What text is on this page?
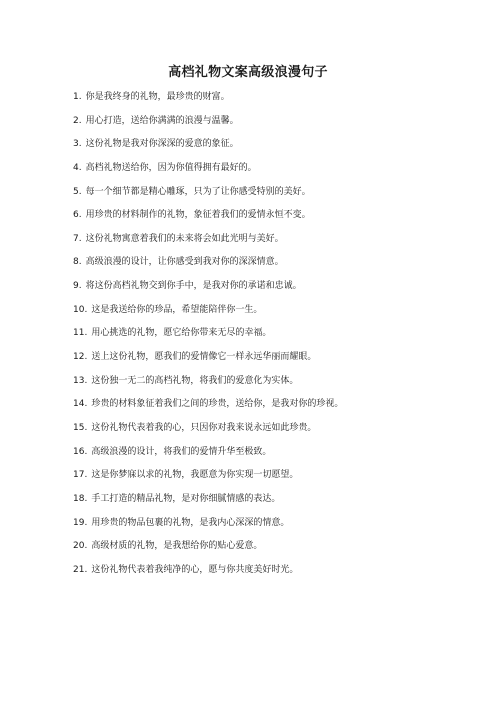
高档礼物文案高级浪漫句子
1. 你是我终身的礼物，最珍贵的财富。
2. 用心打造，送给你满满的浪漫与温馨。
3. 这份礼物是我对你深深的爱意的象征。
4. 高档礼物送给你，因为你值得拥有最好的。
5. 每一个细节都是精心雕琢，只为了让你感受特别的美好。
6. 用珍贵的材料制作的礼物，象征着我们的爱情永恒不变。
7. 这份礼物寓意着我们的未来将会如此光明与美好。
8. 高级浪漫的设计，让你感受到我对你的深深情意。
9. 将这份高档礼物交到你手中，是我对你的承诺和忠诚。
10. 这是我送给你的珍品，希望能陪伴你一生。
11. 用心挑选的礼物，愿它给你带来无尽的幸福。
12. 送上这份礼物，愿我们的爱情像它一样永远华丽而耀眼。
13. 这份独一无二的高档礼物，将我们的爱意化为实体。
14. 珍贵的材料象征着我们之间的珍贵，送给你，是我对你的珍视。
15. 这份礼物代表着我的心，只因你对我来说永远如此珍贵。
16. 高级浪漫的设计，将我们的爱情升华至极致。
17. 这是你梦寐以求的礼物，我愿意为你实现一切愿望。
18. 手工打造的精品礼物，是对你细腻情感的表达。
19. 用珍贵的物品包裹的礼物，是我内心深深的情意。
20. 高级材质的礼物，是我想给你的贴心爱意。
21. 这份礼物代表着我纯净的心，愿与你共度美好时光。
